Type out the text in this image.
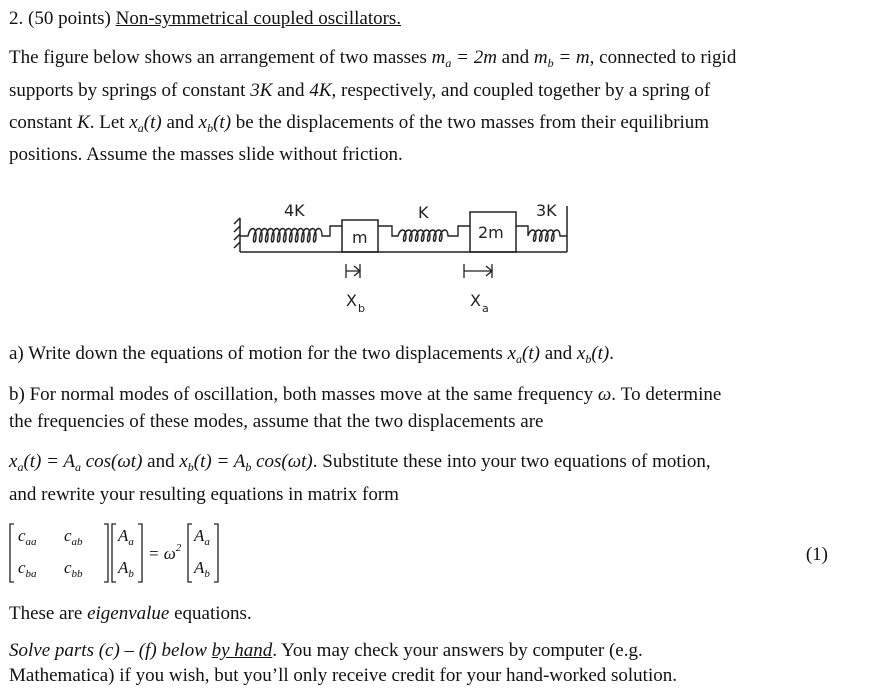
2. (50 points) Non-symmetrical coupled oscillators.
The figure below shows an arrangement of two masses $m_a = 2m$ and $m_b = m$, connected to rigid
supports by springs of constant 3K and 4K, respectively, and coupled together by a spring of
constant K. Let $x_a(t)$ and $x_b(t)$ be the displacements of the two masses from their equilibrium
positions. Assume the masses slide without friction.
m	2m
4K	K	3K
X b	X a
a) Write down the equations of motion for the two displacements $x_a(t)$ and $x_b(t)$.
b) For normal modes of oscillation, both masses move at the same frequency ω. To determine
the frequencies of these modes, assume that the two displacements are
$x_a(t) = A_a$ cos(ωt) and $x_b(t) = A_b$ cos(ωt). Substitute these into your two equations of motion,
and rewrite your resulting equations in matrix form
$c_{aa}$ $c_{ab}$
$c_{ba}$ $c_{bb}$
$A_a$
$A_b$
= $\omega^2$
$A_a$
$A_b$
(1)
These are eigenvalue equations.
Solve parts (c) – (f) below by hand. You may check your answers by computer (e.g.
Mathematica) if you wish, but you’ll only receive credit for your hand-worked solution.
